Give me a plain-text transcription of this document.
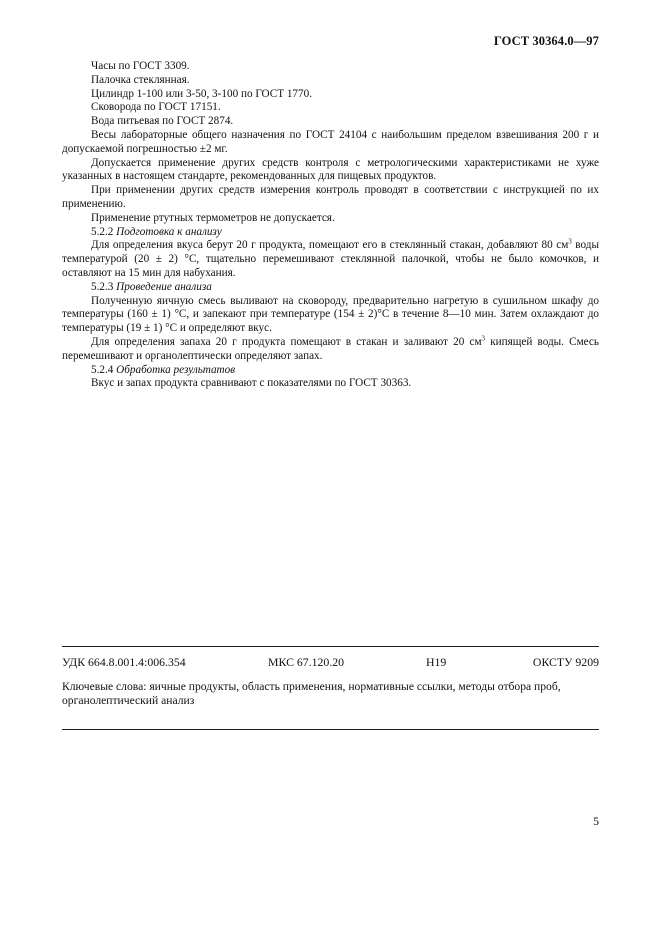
ГОСТ 30364.0—97

Часы по ГОСТ 3309.

Палочка стеклянная.

Цилиндр 1-100 или 3-50, 3-100 по ГОСТ 1770.

Сковорода по ГОСТ 17151.

Вода питьевая по ГОСТ 2874.

Весы лабораторные общего назначения по ГОСТ 24104 с наибольшим пределом взвешивания 200 г и допускаемой погрешностью ±2 мг.

Допускается применение других средств контроля с метрологическими характеристиками не хуже указанных в настоящем стандарте, рекомендованных для пищевых продуктов.

При применении других средств измерения контроль проводят в соответствии с инструкцией по их применению.

Применение ртутных термометров не допускается.

5.2.2 Подготовка к анализу

Для определения вкуса берут 20 г продукта, помещают его в стеклянный стакан, добавляют 80 $см^3$ воды температурой (20 ± 2) °С, тщательно перемешивают стеклянной палочкой, чтобы не было комочков, и оставляют на 15 мин для набухания.

5.2.3 Проведение анализа

Полученную яичную смесь выливают на сковороду, предварительно нагретую в сушильном шкафу до температуры (160 ± 1) °С, и запекают при температуре (154 ± 2)°С в течение 8—10 мин. Затем охлаждают до температуры (19 ± 1) °С и определяют вкус.

Для определения запаха 20 г продукта помещают в стакан и заливают 20 $см^3$ кипящей воды. Смесь перемешивают и органолептически определяют запах.

5.2.4 Обработка результатов

Вкус и запах продукта сравнивают с показателями по ГОСТ 30363.

УДК 664.8.001.4:006.354	МКС 67.120.20	Н19	ОКСТУ 9209
Ключевые слова: яичные продукты, область применения, нормативные ссылки, методы отбора проб, органолептический анализ
5
